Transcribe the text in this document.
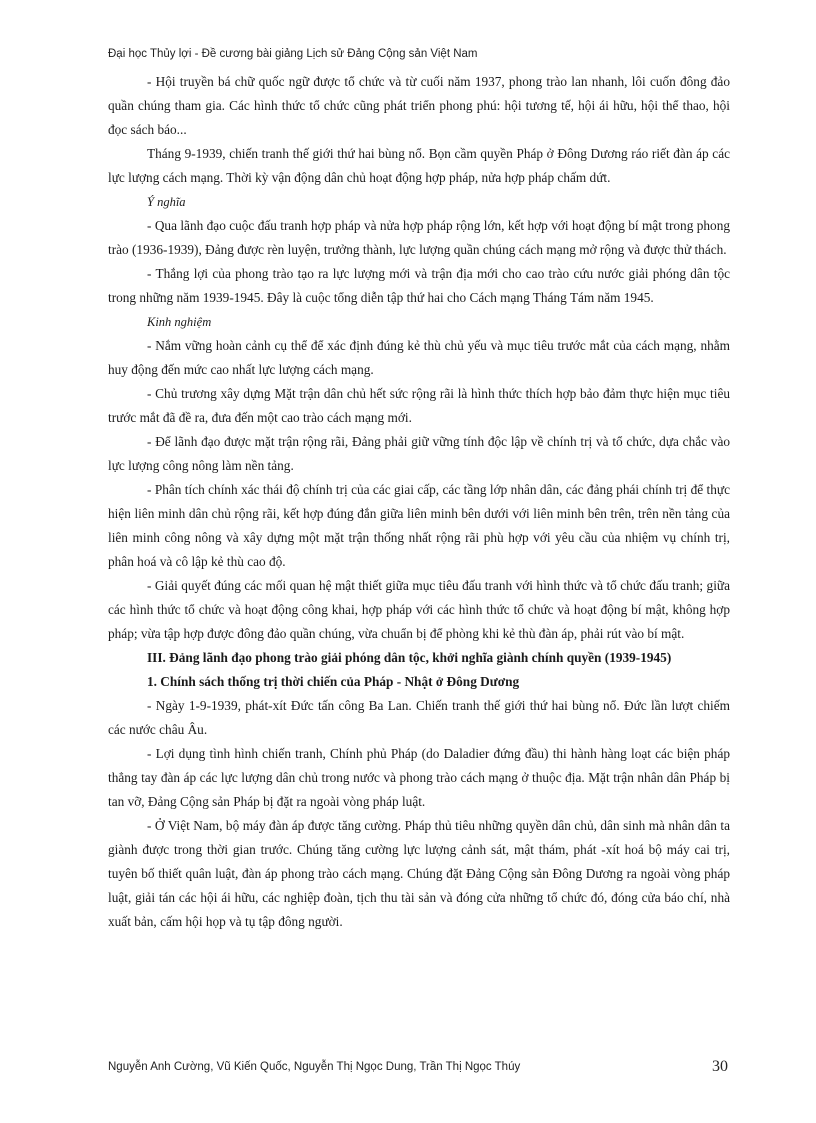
Đại học Thủy lợi - Đề cương bài giảng Lịch sử Đảng Cộng sản Việt Nam

- Hội truyền bá chữ quốc ngữ được tổ chức và từ cuối năm 1937, phong trào lan nhanh, lôi cuốn đông đảo quần chúng tham gia. Các hình thức tổ chức cũng phát triển phong phú: hội tương tế, hội ái hữu, hội thể thao, hội đọc sách báo...

Tháng 9-1939, chiến tranh thế giới thứ hai bùng nổ. Bọn cầm quyền Pháp ở Đông Dương ráo riết đàn áp các lực lượng cách mạng. Thời kỳ vận động dân chủ hoạt động hợp pháp, nửa hợp pháp chấm dứt.

Ý nghĩa

- Qua lãnh đạo cuộc đấu tranh hợp pháp và nửa hợp pháp rộng lớn, kết hợp với hoạt động bí mật trong phong trào (1936-1939), Đảng được rèn luyện, trưởng thành, lực lượng quần chúng cách mạng mở rộng và được thử thách.

- Thắng lợi của phong trào tạo ra lực lượng mới và trận địa mới cho cao trào cứu nước giải phóng dân tộc trong những năm 1939-1945. Đây là cuộc tổng diễn tập thứ hai cho Cách mạng Tháng Tám năm 1945.

Kinh nghiệm

- Nắm vững hoàn cảnh cụ thể để xác định đúng kẻ thù chủ yếu và mục tiêu trước mắt của cách mạng, nhằm huy động đến mức cao nhất lực lượng cách mạng.

- Chủ trương xây dựng Mặt trận dân chủ hết sức rộng rãi là hình thức thích hợp bảo đảm thực hiện mục tiêu trước mắt đã đề ra, đưa đến một cao trào cách mạng mới.

- Để lãnh đạo được mặt trận rộng rãi, Đảng phải giữ vững tính độc lập về chính trị và tổ chức, dựa chắc vào lực lượng công nông làm nền tảng.

- Phân tích chính xác thái độ chính trị của các giai cấp, các tầng lớp nhân dân, các đảng phái chính trị để thực hiện liên minh dân chủ rộng rãi, kết hợp đúng đắn giữa liên minh bên dưới với liên minh bên trên, trên nền tảng của liên minh công nông và xây dựng một mặt trận thống nhất rộng rãi phù hợp với yêu cầu của nhiệm vụ chính trị, phân hoá và cô lập kẻ thù cao độ.

- Giải quyết đúng các mối quan hệ mật thiết giữa mục tiêu đấu tranh với hình thức và tổ chức đấu tranh; giữa các hình thức tổ chức và hoạt động công khai, hợp pháp với các hình thức tổ chức và hoạt động bí mật, không hợp pháp; vừa tập hợp được đông đảo quần chúng, vừa chuẩn bị để phòng khi kẻ thù đàn áp, phải rút vào bí mật.

III. Đảng lãnh đạo phong trào giải phóng dân tộc, khởi nghĩa giành chính quyền (1939-1945)

1. Chính sách thống trị thời chiến của Pháp - Nhật ở Đông Dương

- Ngày 1-9-1939, phát-xít Đức tấn công Ba Lan. Chiến tranh thế giới thứ hai bùng nổ. Đức lần lượt chiếm các nước châu Âu.

- Lợi dụng tình hình chiến tranh, Chính phủ Pháp (do Daladier đứng đầu) thi hành hàng loạt các biện pháp thẳng tay đàn áp các lực lượng dân chủ trong nước và phong trào cách mạng ở thuộc địa. Mặt trận nhân dân Pháp bị tan vỡ, Đảng Cộng sản Pháp bị đặt ra ngoài vòng pháp luật.

- Ở Việt Nam, bộ máy đàn áp được tăng cường. Pháp thủ tiêu những quyền dân chủ, dân sinh mà nhân dân ta giành được trong thời gian trước. Chúng tăng cường lực lượng cảnh sát, mật thám, phát -xít hoá bộ máy cai trị, tuyên bố thiết quân luật, đàn áp phong trào cách mạng. Chúng đặt Đảng Cộng sản Đông Dương ra ngoài vòng pháp luật, giải tán các hội ái hữu, các nghiệp đoàn, tịch thu tài sản và đóng cửa những tổ chức đó, đóng cửa báo chí, nhà xuất bản, cấm hội họp và tụ tập đông người.

Nguyễn Anh Cường, Vũ Kiến Quốc, Nguyễn Thị Ngọc Dung, Trần Thị Ngọc Thúy	30
